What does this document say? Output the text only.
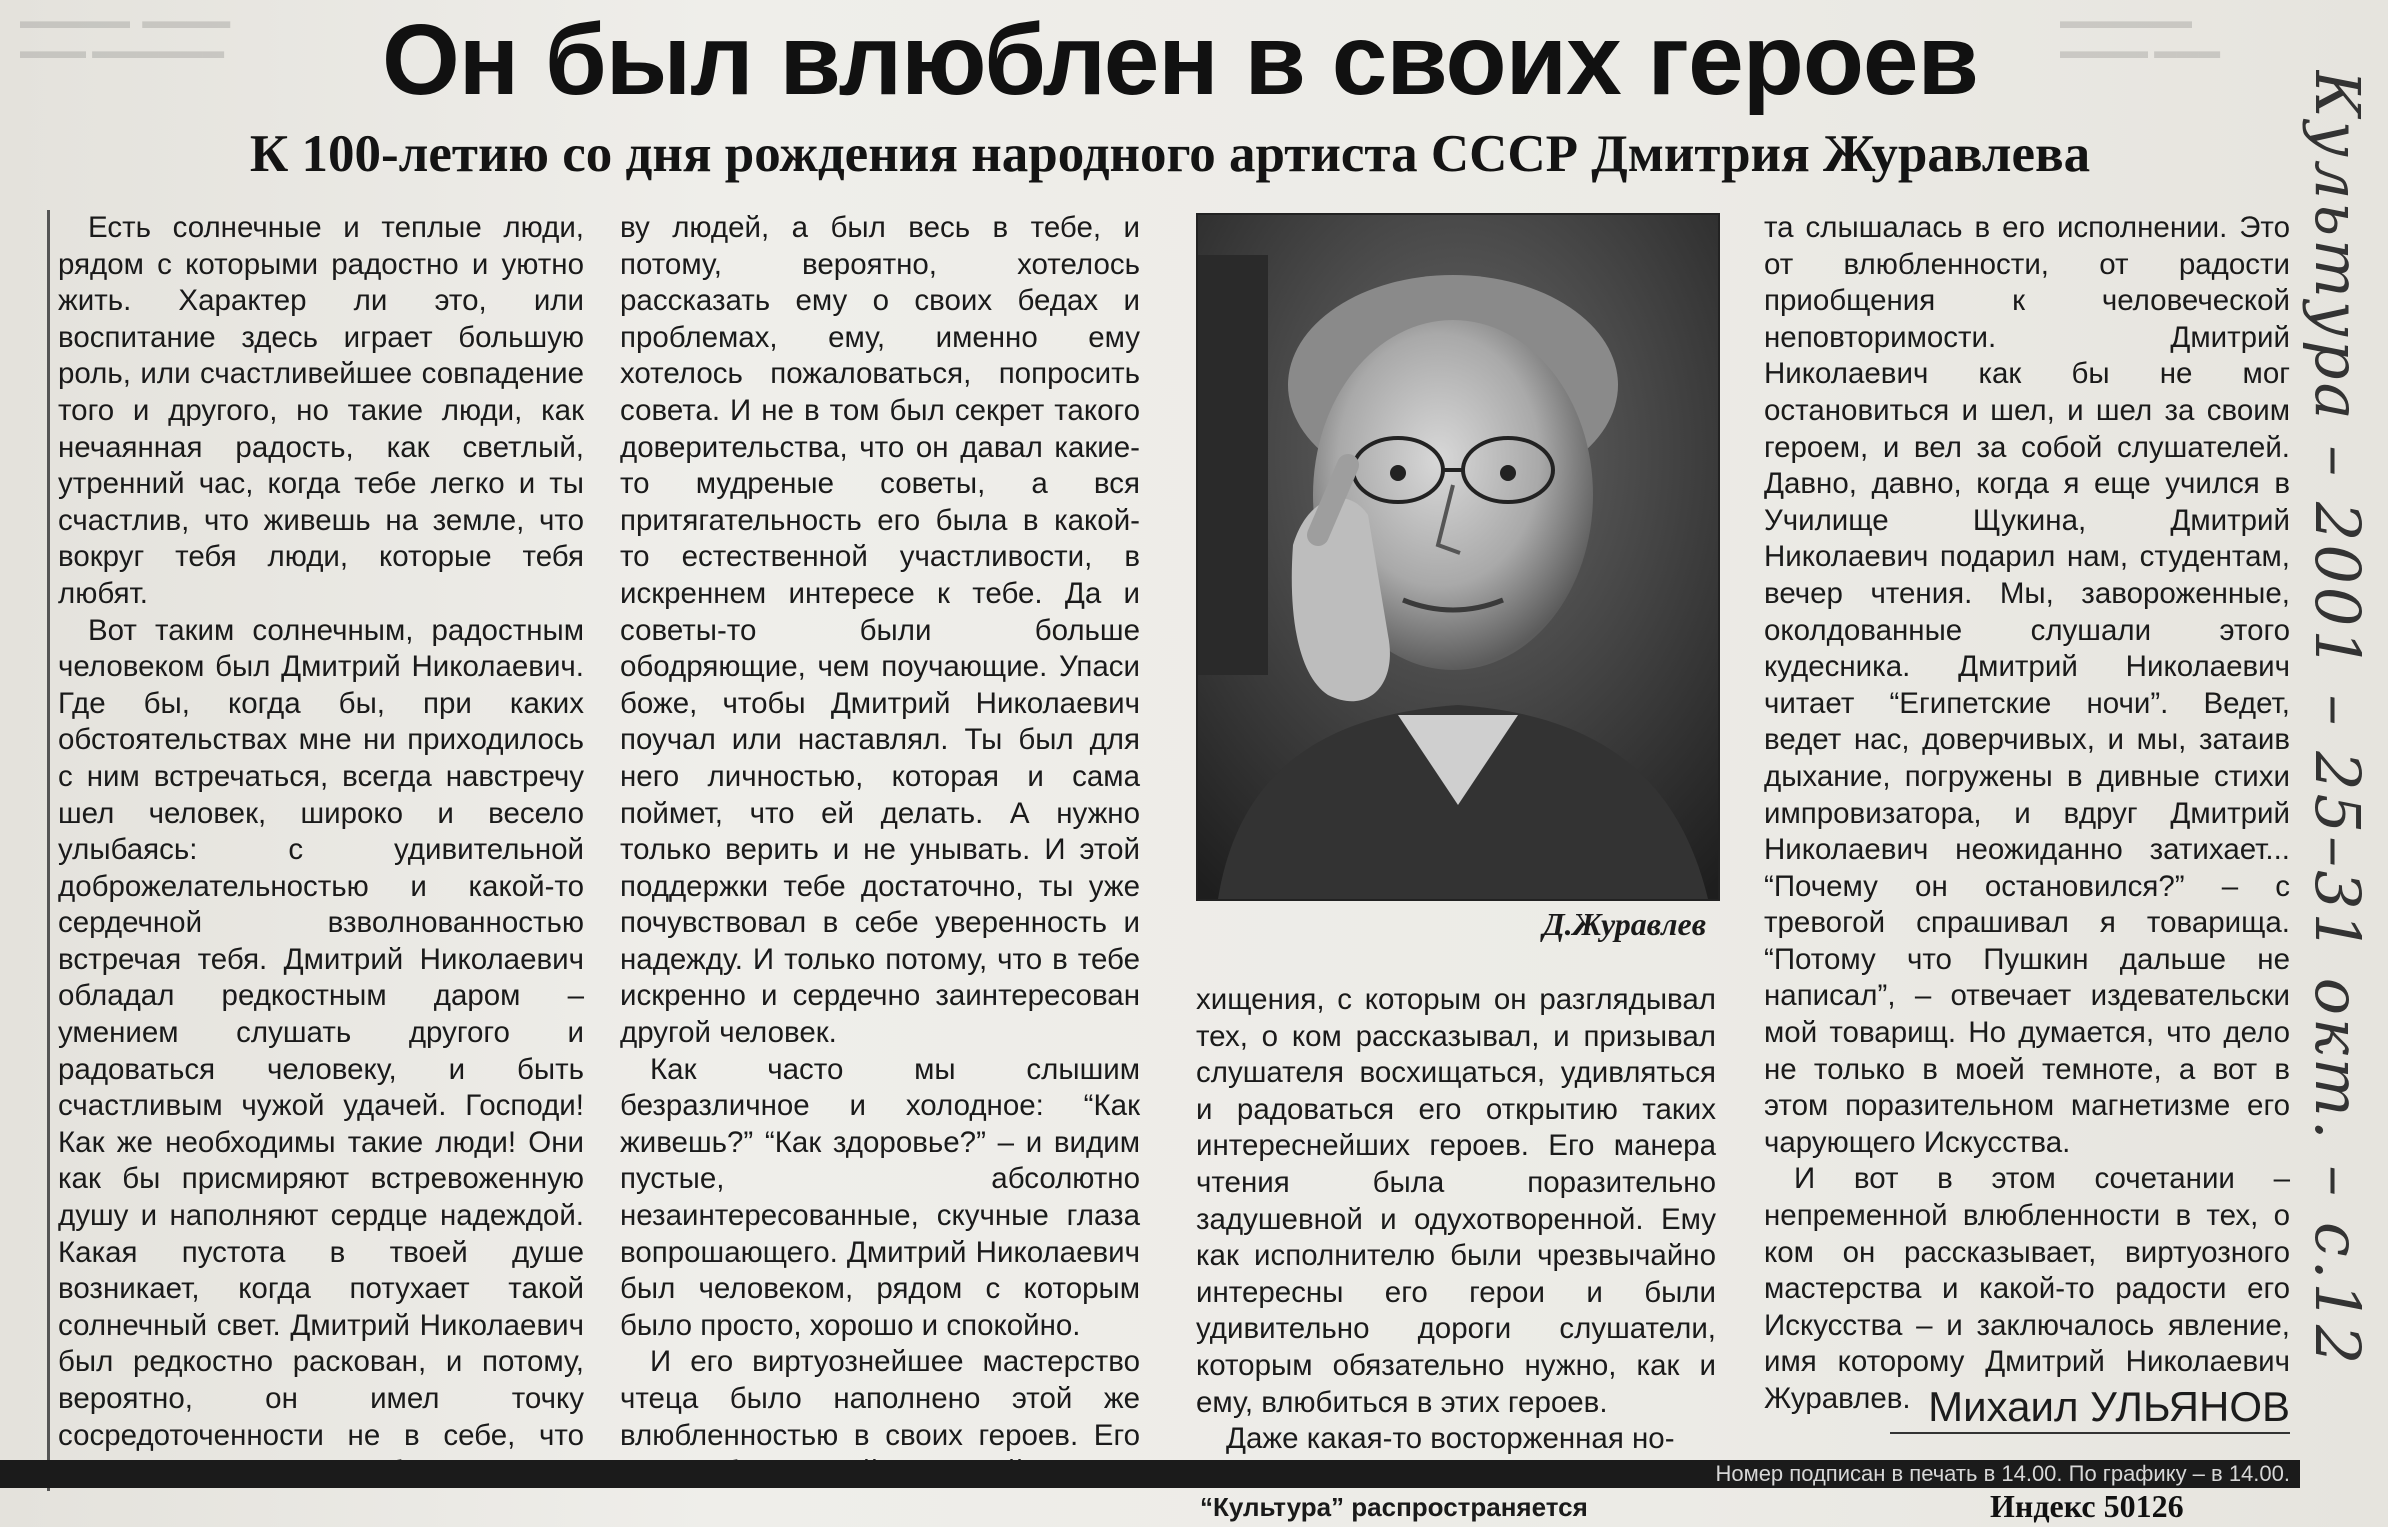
▬▬▬▬▬  ▬▬▬▬
▬▬▬ ▬▬▬▬▬▬
▬▬▬▬▬▬
▬▬▬▬ ▬▬▬
Он был влюблен в своих героев
К 100-летию со дня рождения народного артиста СССР Дмитрия Журавлева

Есть солнечные и теплые люди, рядом с которыми радостно и уютно жить. Характер ли это, или воспитание здесь играет большую роль, или счастливейшее совпадение того и другого, но такие люди, как нечаянная радость, как светлый, утренний час, когда тебе легко и ты счастлив, что живешь на земле, что вокруг тебя люди, которые тебя любят.

Вот таким солнечным, радостным человеком был Дмитрий Николаевич. Где бы, когда бы, при каких обстоятельствах мне ни приходилось с ним встречаться, всегда навстречу шел человек, широко и весело улыбаясь: с удивительной доброжелательностью и какой-то сердечной взволнованностью встречая тебя. Дмитрий Николаевич обладал редкостным даром – умением слушать другого и радоваться человеку, и быть счастливым чужой удачей. Господи! Как же необходимы такие люди! Они как бы присмиряют встревоженную душу и наполняют сердце надеждой. Какая пустота в твоей душе возникает, когда потухает такой солнечный свет. Дмитрий Николаевич был редкостно раскован, и потому, вероятно, он имел точку сосредоточенности не в себе, что

ву людей, а был весь в тебе, и потому, вероятно, хотелось рассказать ему о своих бедах и проблемах, ему, именно ему хотелось пожаловаться, попросить совета. И не в том был секрет такого доверительства, что он давал какие-то мудреные советы, а вся притягательность его была в какой-то естественной участливости, в искреннем интересе к тебе. Да и советы-то были больше ободряющие, чем поучающие. Упаси боже, чтобы Дмитрий Николаевич поучал или наставлял. Ты был для него личностью, которая и сама поймет, что ей делать. А нужно только верить и не унывать. И этой поддержки тебе достаточно, ты уже почувствовал в себе уверенность и надежду. И только потому, что в тебе искренно и сердечно заинтересован другой человек.

Как часто мы слышим безразличное и холодное: “Как живешь?” “Как здоровье?” – и видим пустые, абсолютно незаинтересованные, скучные глаза вопрошающего. Дмитрий Николаевич был человеком, рядом с которым было просто, хорошо и спокойно.

И его виртуознейшее мастерство чтеца было наполнено этой же влюбленностью в своих героев. Его

Д.Журавлев

хищения, с которым он разглядывал тех, о ком рассказывал, и призывал слушателя восхищаться, удивляться и радоваться его открытию таких интереснейших героев. Его манера чтения была поразительно задушевной и одухотворенной. Ему как исполнителю были чрезвычайно интересны его герои и были удивительно дороги слушатели, которым обязательно нужно, как и ему, влюбиться в этих героев.

Даже какая-то восторженная но-

та слышалась в его исполнении. Это от влюбленности, от радости приобщения к человеческой неповторимости. Дмитрий Николаевич как бы не мог остановиться и шел, и шел за своим героем, и вел за собой слушателей. Давно, давно, когда я еще учился в Училище Щукина, Дмитрий Николаевич подарил нам, студентам, вечер чтения. Мы, завороженные, околдованные слушали этого кудесника. Дмитрий Николаевич читает “Египетские ночи”. Ведет, ведет нас, доверчивых, и мы, затаив дыхание, погружены в дивные стихи импровизатора, и вдруг Дмитрий Николаевич неожиданно затихает... “Почему он остановился?” – с тревогой спрашивал я товарища. “Потому что Пушкин дальше не написал”, – отвечает издевательски мой товарищ. Но думается, что дело не только в моей темноте, а вот в этом поразительном магнетизме его чарующего Искусства.

И вот в этом сочетании – непременной влюбленности в тех, о ком он рассказывает, виртуозного мастерства и какой-то радости его Искусства – и заключалось явление, имя которому Дмитрий Николаевич Журавлев. Михаил УЛЬЯНОВ
Номер подписан в печать в 14.00. По графику – в 14.00.
“Культура” распространяется	Индекс 50126
Культура – 2001 – 25–31 окт. – с.12
